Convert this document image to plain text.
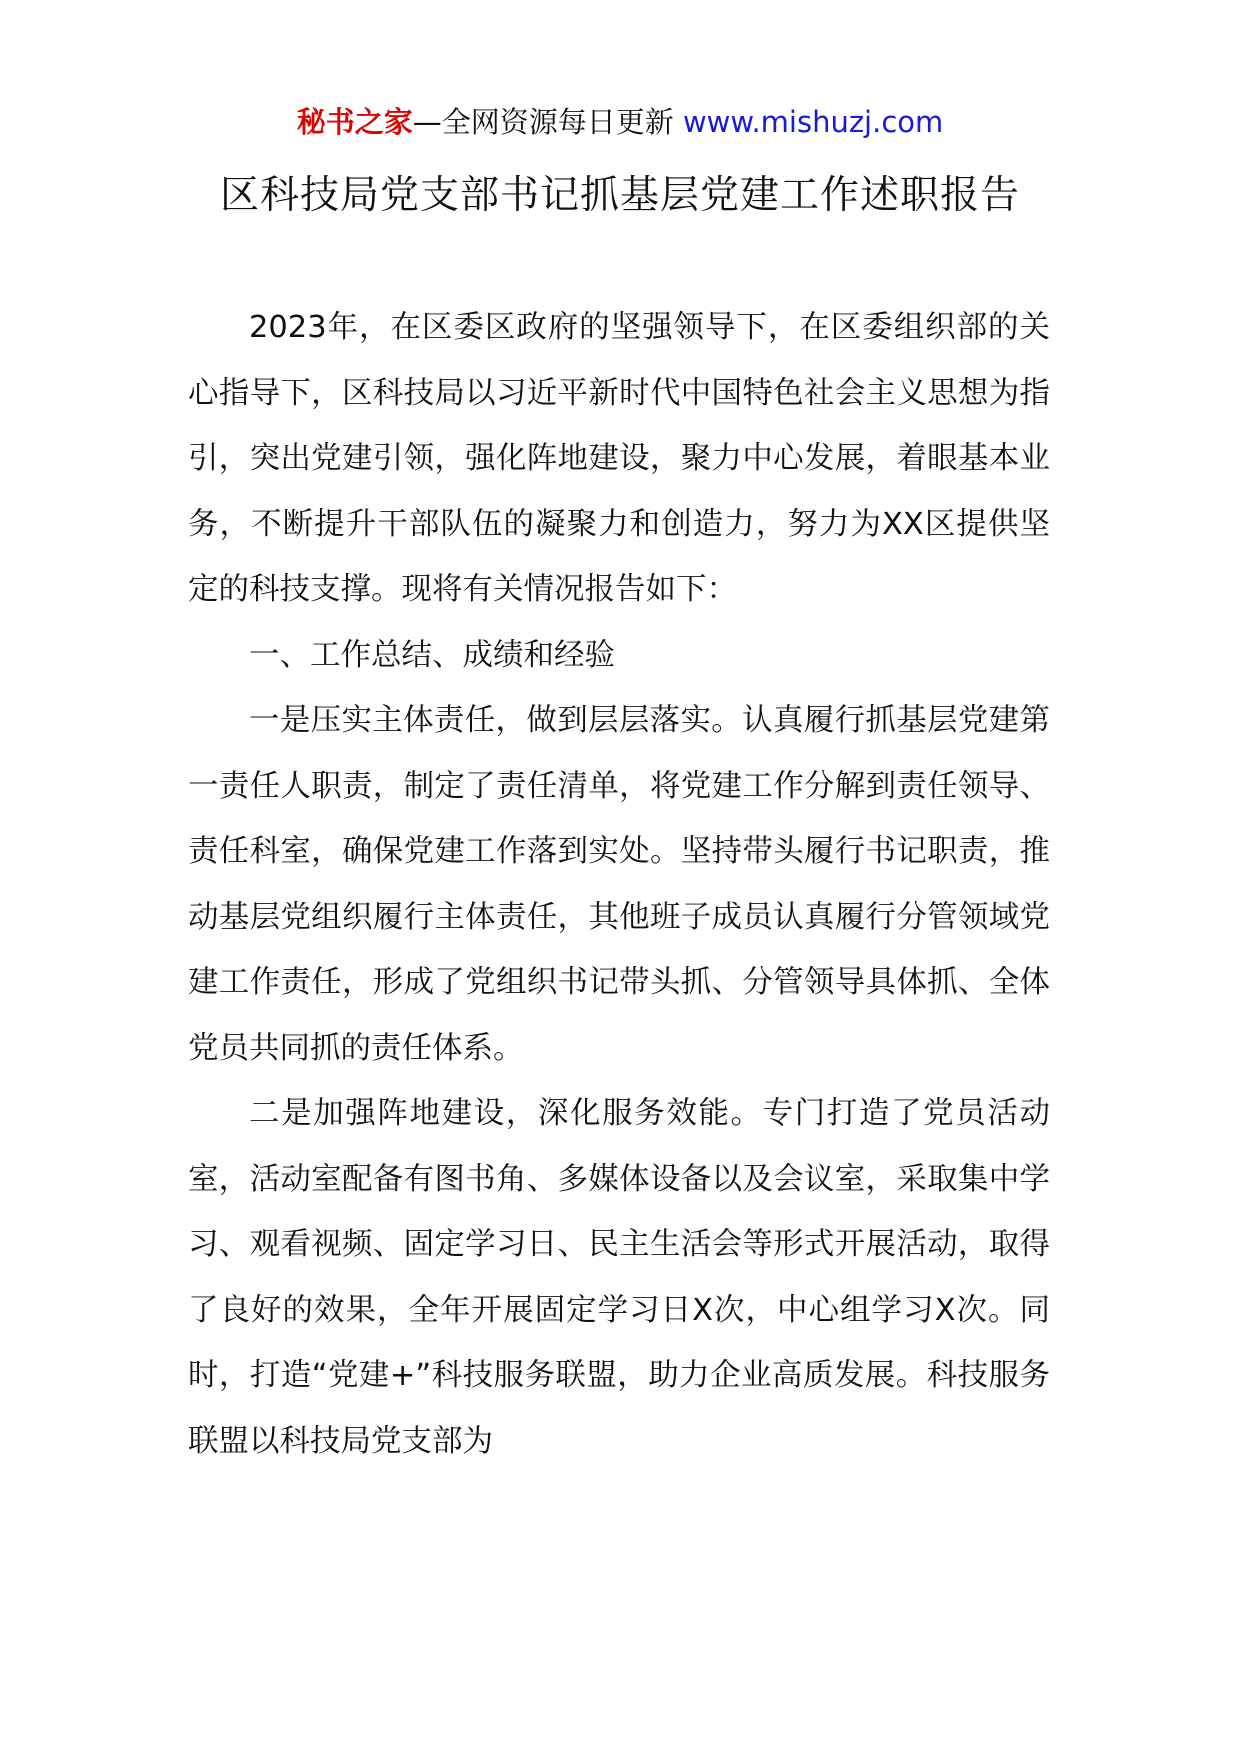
秘书之家—全网资源每日更新 www.mishuzj.com
区科技局党支部书记抓基层党建工作述职报告

2023年，在区委区政府的坚强领导下，在区委组织部的关心指导下，区科技局以习近平新时代中国特色社会主义思想为指引，突出党建引领，强化阵地建设，聚力中心发展，着眼基本业务，不断提升干部队伍的凝聚力和创造力，努力为XX区提供坚定的科技支撑。现将有关情况报告如下：

一、工作总结、成绩和经验

一是压实主体责任，做到层层落实。认真履行抓基层党建第一责任人职责，制定了责任清单，将党建工作分解到责任领导、责任科室，确保党建工作落到实处。坚持带头履行书记职责，推动基层党组织履行主体责任，其他班子成员认真履行分管领域党建工作责任，形成了党组织书记带头抓、分管领导具体抓、全体党员共同抓的责任体系。

二是加强阵地建设，深化服务效能。专门打造了党员活动室，活动室配备有图书角、多媒体设备以及会议室，采取集中学习、观看视频、固定学习日、民主生活会等形式开展活动，取得了良好的效果，全年开展固定学习日X次，中心组学习X次。同时，打造“党建+”科技服务联盟，助力企业高质发展。科技服务联盟以科技局党支部为
